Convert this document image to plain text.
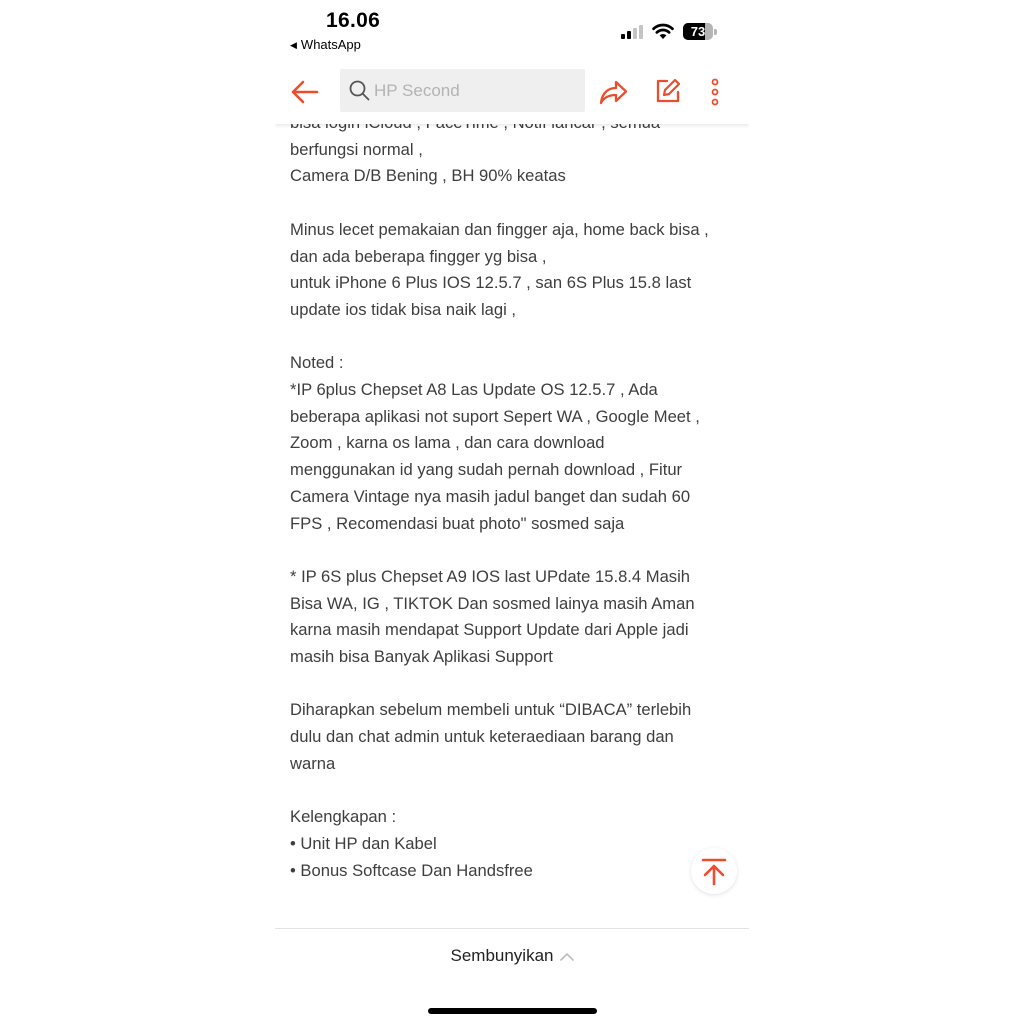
16.06
◀ WhatsApp
73
HP Second

berfungsi normal ,

Camera D/B Bening , BH 90% keatas

Minus lecet pemakaian dan fingger aja, home back bisa ,

dan ada beberapa fingger yg bisa ,

untuk iPhone 6 Plus IOS 12.5.7 , san 6S Plus 15.8 last

update ios tidak bisa naik lagi ,

Noted :

*IP 6plus Chepset A8 Las Update OS 12.5.7 , Ada

beberapa aplikasi not suport Sepert WA , Google Meet ,

Zoom , karna os lama , dan cara download

menggunakan id yang sudah pernah download , Fitur

Camera Vintage nya masih jadul banget dan sudah 60

FPS , Recomendasi buat photo" sosmed saja

* IP 6S plus Chepset A9 IOS last UPdate 15.8.4 Masih

Bisa WA, IG , TIKTOK Dan sosmed lainya masih Aman

karna masih mendapat Support Update dari Apple jadi

masih bisa Banyak Aplikasi Support

Diharapkan sebelum membeli untuk “DIBACA” terlebih

dulu dan chat admin untuk keteraediaan barang dan

warna

Kelengkapan :

• Unit HP dan Kabel

• Bonus Softcase Dan Handsfree

Sembunyikan
